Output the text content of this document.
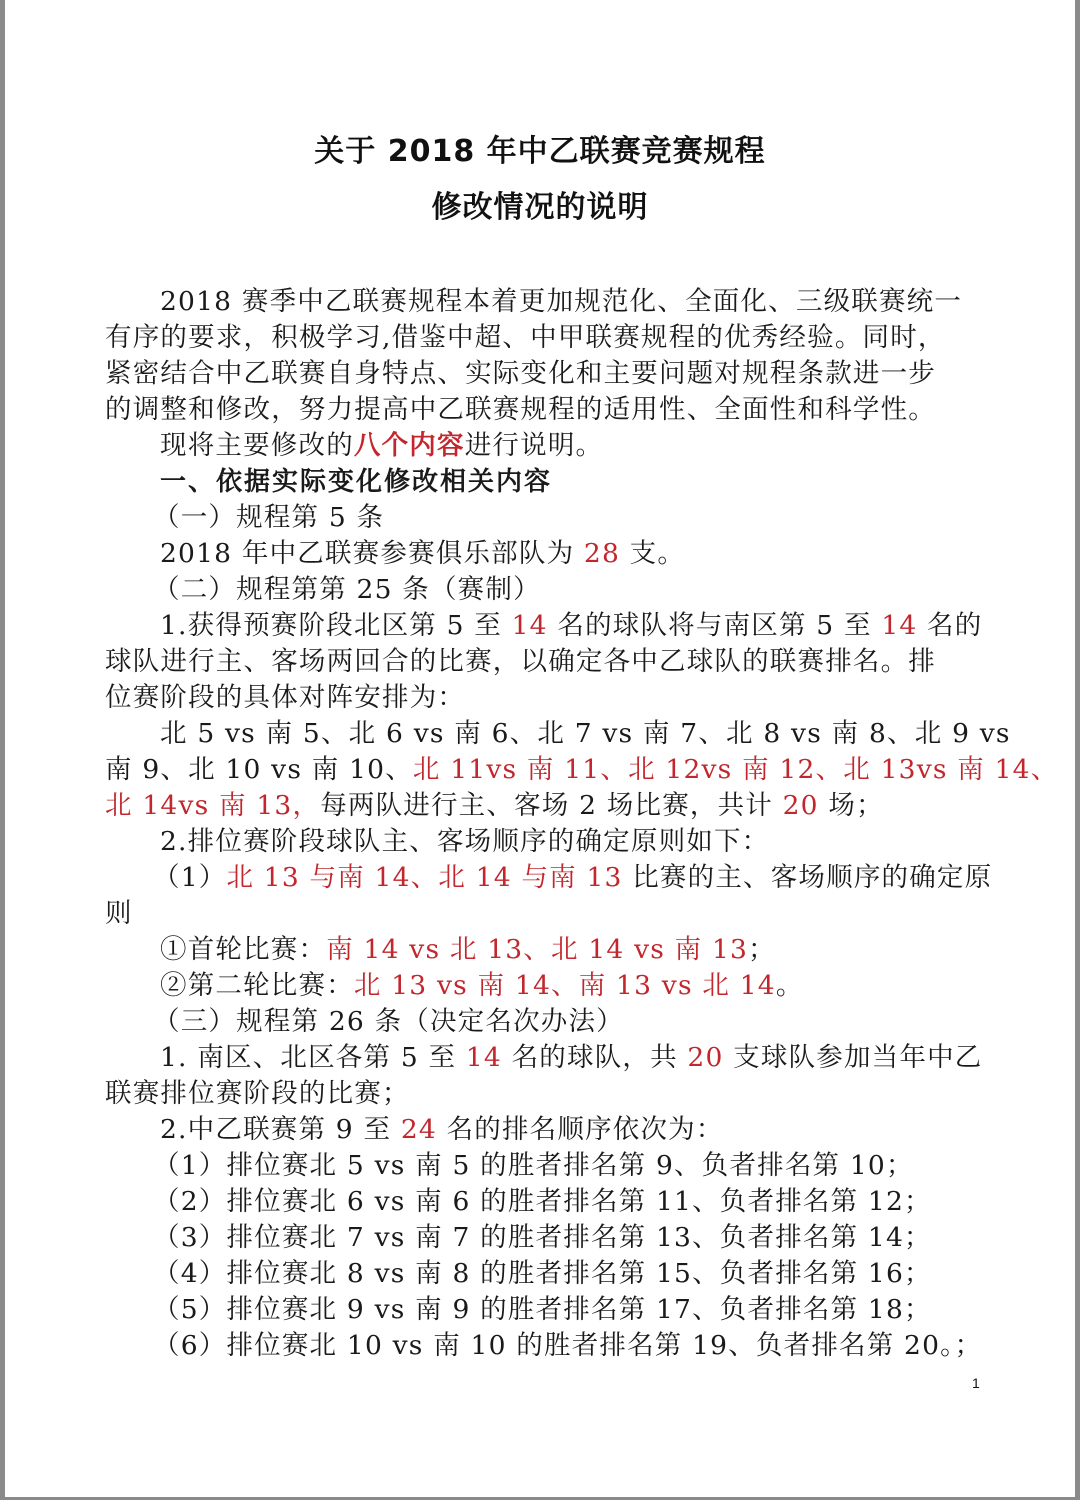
关于 2018 年中乙联赛竞赛规程
修改情况的说明
2018 赛季中乙联赛规程本着更加规范化、全面化、三级联赛统一
有序的要求，积极学习,借鉴中超、中甲联赛规程的优秀经验。同时，
紧密结合中乙联赛自身特点、实际变化和主要问题对规程条款进一步
的调整和修改，努力提高中乙联赛规程的适用性、全面性和科学性。
现将主要修改的八个内容进行说明。
一、依据实际变化修改相关内容
（一）规程第 5 条
2018 年中乙联赛参赛俱乐部队为 28 支。
（二）规程第第 25 条（赛制）
1.获得预赛阶段北区第 5 至 14 名的球队将与南区第 5 至 14 名的
球队进行主、客场两回合的比赛，以确定各中乙球队的联赛排名。排
位赛阶段的具体对阵安排为：
北 5 vs 南 5、北 6 vs 南 6、北 7 vs 南 7、北 8 vs 南 8、北 9 vs
南 9、北 10 vs 南 10、北 11vs 南 11、北 12vs 南 12、北 13vs 南 14、
北 14vs 南 13，每两队进行主、客场 2 场比赛，共计 20 场；
2.排位赛阶段球队主、客场顺序的确定原则如下：
（1）北 13 与南 14、北 14 与南 13 比赛的主、客场顺序的确定原
则
①首轮比赛：南 14 vs 北 13、北 14 vs 南 13；
②第二轮比赛：北 13 vs 南 14、南 13 vs 北 14。
（三）规程第 26 条（决定名次办法）
1. 南区、北区各第 5 至 14 名的球队，共 20 支球队参加当年中乙
联赛排位赛阶段的比赛；
2.中乙联赛第 9 至 24 名的排名顺序依次为：
（1）排位赛北 5 vs 南 5 的胜者排名第 9、负者排名第 10；
（2）排位赛北 6 vs 南 6 的胜者排名第 11、负者排名第 12；
（3）排位赛北 7 vs 南 7 的胜者排名第 13、负者排名第 14；
（4）排位赛北 8 vs 南 8 的胜者排名第 15、负者排名第 16；
（5）排位赛北 9 vs 南 9 的胜者排名第 17、负者排名第 18；
（6）排位赛北 10 vs 南 10 的胜者排名第 19、负者排名第 20。；
1
